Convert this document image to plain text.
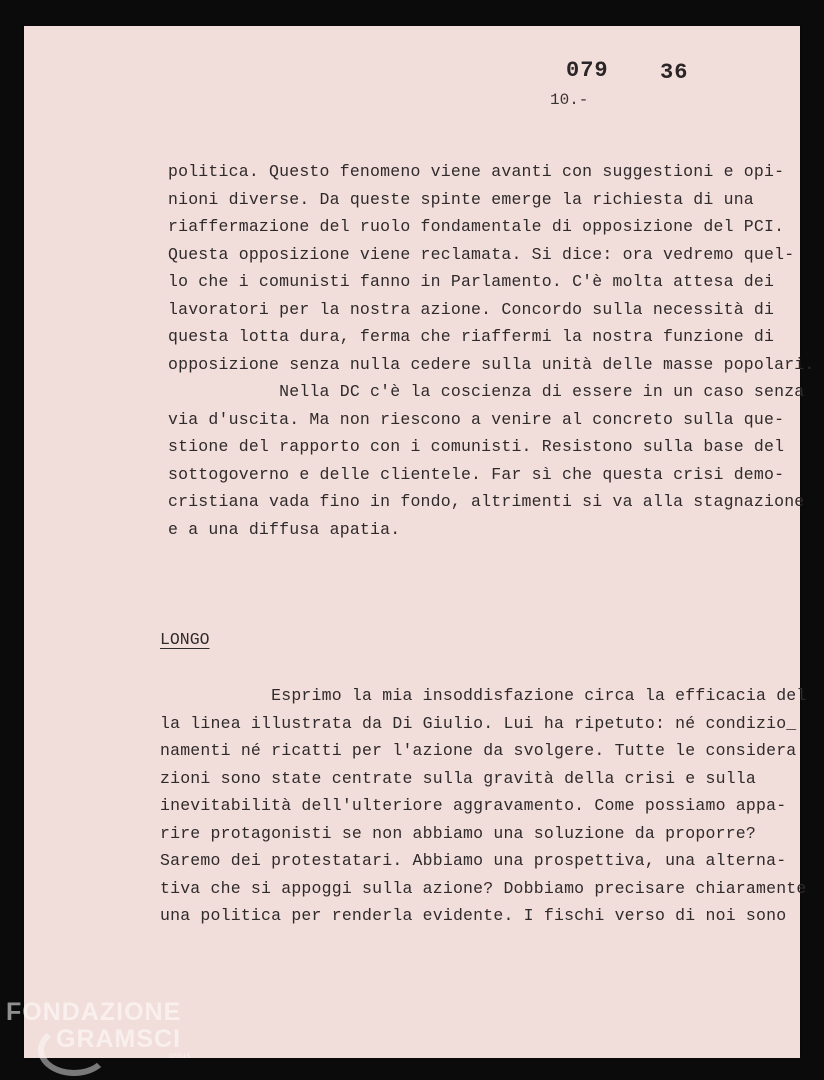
079 36
10.-
politica. Questo fenomeno viene avanti con suggestioni e opi-
nioni diverse. Da queste spinte emerge la richiesta di una
riaffermazione del ruolo fondamentale di opposizione del PCI.
Questa opposizione viene reclamata. Si dice: ora vedremo quel-
lo che i comunisti fanno in Parlamento. C'è molta attesa dei
lavoratori per la nostra azione. Concordo sulla necessità di
questa lotta dura, ferma che riaffermi la nostra funzione di
opposizione senza nulla cedere sulla unità delle masse popolari.
Nella DC c'è la coscienza di essere in un caso senza
via d'uscita. Ma non riescono a venire al concreto sulla que-
stione del rapporto con i comunisti. Resistono sulla base del
sottogoverno e delle clientele. Far sì che questa crisi demo-
cristiana vada fino in fondo, altrimenti si va alla stagnazione
e a una diffusa apatia.
LONGO
Esprimo la mia insoddisfazione circa la efficacia del
la linea illustrata da Di Giulio. Lui ha ripetuto: né condizio_
namenti né ricatti per l'azione da svolgere. Tutte le considera
zioni sono state centrate sulla gravità della crisi e sulla
inevitabilità dell'ulteriore aggravamento. Come possiamo appa-
rire protagonisti se non abbiamo una soluzione da proporre?
Saremo dei protestatari. Abbiamo una prospettiva, una alterna-
tiva che si appoggi sulla azione? Dobbiamo precisare chiaramente
una politica per renderla evidente. I fischi verso di noi sono
FONDAZIONE
GRAMSCI
onlus
